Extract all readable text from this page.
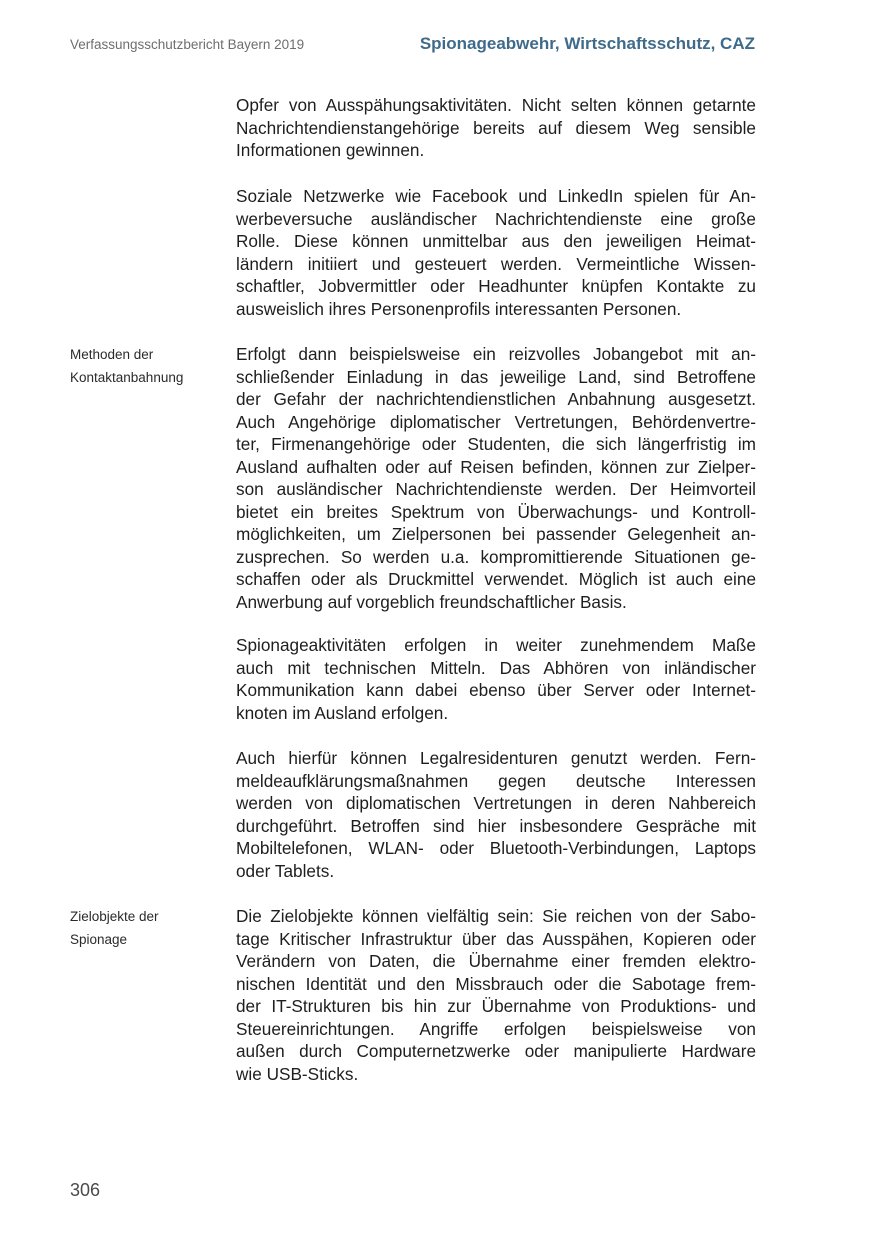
Verfassungsschutzbericht Bayern 2019	Spionageabwehr, Wirtschaftsschutz, CAZ
Methoden der
Kontaktanbahnung
Zielobjekte der
Spionage
Opfer von Ausspähungsaktivitäten. Nicht selten können getarnte
Nachrichtendienstangehörige bereits auf diesem Weg sensible
Informationen gewinnen.
Soziale Netzwerke wie Facebook und LinkedIn spielen für An-
werbeversuche ausländischer Nachrichtendienste eine große
Rolle. Diese können unmittelbar aus den jeweiligen Heimat-
ländern initiiert und gesteuert werden. Vermeintliche Wissen-
schaftler, Jobvermittler oder Headhunter knüpfen Kontakte zu
ausweislich ihres Personenprofils interessanten Personen.
Erfolgt dann beispielsweise ein reizvolles Jobangebot mit an-
schließender Einladung in das jeweilige Land, sind Betroffene
der Gefahr der nachrichtendienstlichen Anbahnung ausgesetzt.
Auch Angehörige diplomatischer Vertretungen, Behördenvertre-
ter, Firmenangehörige oder Studenten, die sich längerfristig im
Ausland aufhalten oder auf Reisen befinden, können zur Zielper-
son ausländischer Nachrichtendienste werden. Der Heimvorteil
bietet ein breites Spektrum von Überwachungs- und Kontroll-
möglichkeiten, um Zielpersonen bei passender Gelegenheit an-
zusprechen. So werden u.a. kompromittierende Situationen ge-
schaffen oder als Druckmittel verwendet. Möglich ist auch eine
Anwerbung auf vorgeblich freundschaftlicher Basis.
Spionageaktivitäten erfolgen in weiter zunehmendem Maße
auch mit technischen Mitteln. Das Abhören von inländischer
Kommunikation kann dabei ebenso über Server oder Internet-
knoten im Ausland erfolgen.
Auch hierfür können Legalresidenturen genutzt werden. Fern-
meldeaufklärungsmaßnahmen gegen deutsche Interessen
werden von diplomatischen Vertretungen in deren Nahbereich
durchgeführt. Betroffen sind hier insbesondere Gespräche mit
Mobiltelefonen, WLAN- oder Bluetooth-Verbindungen, Laptops
oder Tablets.
Die Zielobjekte können vielfältig sein: Sie reichen von der Sabo-
tage Kritischer Infrastruktur über das Ausspähen, Kopieren oder
Verändern von Daten, die Übernahme einer fremden elektro-
nischen Identität und den Missbrauch oder die Sabotage frem-
der IT-Strukturen bis hin zur Übernahme von Produktions- und
Steuereinrichtungen. Angriffe erfolgen beispielsweise von
außen durch Computernetzwerke oder manipulierte Hardware
wie USB-Sticks.
306
